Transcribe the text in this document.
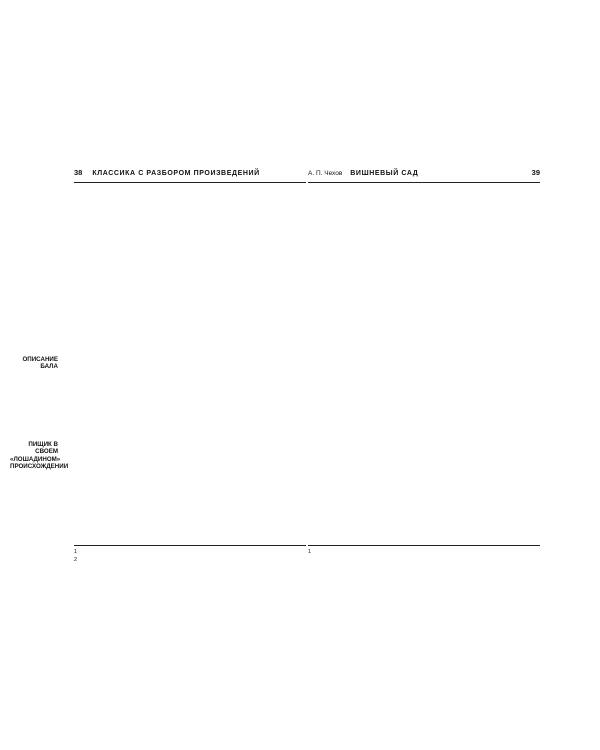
38 КЛАССИКА С РАЗБОРОМ ПРОИЗВЕДЕНИЙ
ОПИСАНИЕ БАЛА
ПИЩИК В СВОЕМ «ЛОШАДИНОМ» ПРОИСХОЖДЕНИИ
1
2
А. П. Чехов ВИШНЕВЫЙ САД	39
1
